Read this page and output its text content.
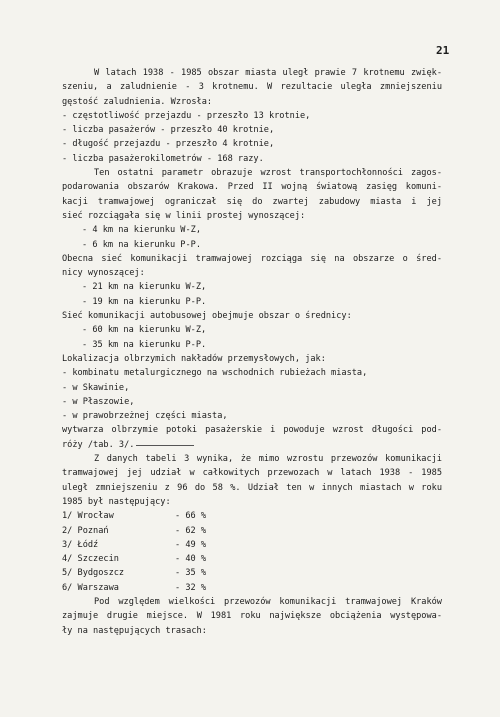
21
W latach 1938 - 1985 obszar miasta uległ prawie 7 krotnemu zwięk-
szeniu, a zaludnienie - 3 krotnemu. W rezultacie uległa zmniejszeniu
gęstość zaludnienia. Wzrosła:
- częstotliwość przejazdu - przeszło 13 krotnie,
- liczba pasażerów - przeszło 40 krotnie,
- długość przejazdu - przeszło 4 krotnie,
- liczba pasażerokilometrów - 168 razy.
Ten ostatni parametr obrazuje wzrost transportochłonności zagos-
podarowania obszarów Krakowa. Przed II wojną światową zasięg komuni-
kacji tramwajowej ograniczał się do zwartej zabudowy miasta i jej
sieć rozciągała się w linii prostej wynoszącej:
- 4 km na kierunku W-Z,
- 6 km na kierunku P-P.
Obecna sieć komunikacji tramwajowej rozciąga się na obszarze o śred-
nicy wynoszącej:
- 21 km na kierunku W-Z,
- 19 km na kierunku P-P.
Sieć komunikacji autobusowej obejmuje obszar o średnicy:
- 60 km na kierunku W-Z,
- 35 km na kierunku P-P.
Lokalizacja olbrzymich nakładów przemysłowych, jak:
- kombinatu metalurgicznego na wschodnich rubieżach miasta,
- w Skawinie,
- w Płaszowie,
- w prawobrzeżnej części miasta,
wytwarza olbrzymie potoki pasażerskie i powoduje wzrost długości pod-
róży /tab. 3/.
Z danych tabeli 3 wynika, że mimo wzrostu przewozów komunikacji
tramwajowej jej udział w całkowitych przewozach w latach 1938 - 1985
uległ zmniejszeniu z 96 do 58 %. Udział ten w innych miastach w roku
1985 był następujący:
1/ Wrocław	- 66 %
2/ Poznań	- 62 %
3/ Łódź	- 49 %
4/ Szczecin	- 40 %
5/ Bydgoszcz	- 35 %
6/ Warszawa	- 32 %
Pod względem wielkości przewozów komunikacji tramwajowej Kraków
zajmuje drugie miejsce. W 1981 roku największe obciążenia występowa-
ły na następujących trasach:
